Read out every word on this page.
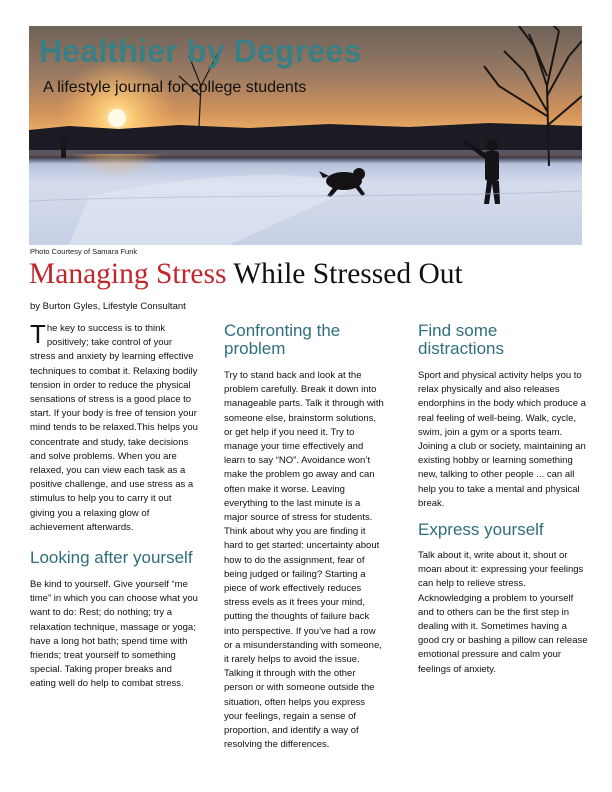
Healthier by Degrees

A lifestyle journal for college students

Photo Courtesy of Samara Funk
Managing Stress While Stressed Out
by Burton Gyles, Lifestyle Consultant

The key to success is to think positively; take control of your stress and anxiety by learning effective techniques to combat it. Relaxing bodily tension in order to reduce the physical sensations of stress is a good place to start. If your body is free of tension your mind tends to be relaxed.This helps you concentrate and study, take decisions and solve problems. When you are relaxed, you can view each task as a positive challenge, and use stress as a stimulus to help you to carry it out giving you a relaxing glow of achievement afterwards.

Looking after yourself

Be kind to yourself. Give yourself “me time” in which you can choose what you want to do: Rest; do nothing; try a relaxation technique, massage or yoga; have a long hot bath; spend time with friends; treat yourself to something special. Taking proper breaks and eating well do help to combat stress.

Confronting the problem

Try to stand back and look at the problem carefully. Break it down into manageable parts. Talk it through with someone else, brainstorm solutions, or get help if you need it. Try to manage your time effectively and learn to say “NO”. Avoidance won’t make the problem go away and can often make it worse. Leaving everything to the last minute is a major source of stress for students. Think about why you are finding it hard to get started: uncertainty about how to do the assignment, fear of being judged or failing? Starting a piece of work effectively reduces stress evels as it frees your mind, putting the thoughts of failure back into perspective. If you’ve had a row or a misunderstanding with someone, it rarely helps to avoid the issue. Talking it through with the other person or with someone outside the situation, often helps you express your feelings, regain a sense of proportion, and identify a way of resolving the differences.

Find some distractions

Sport and physical activity helps you to relax physically and also releases endorphins in the body which produce a real feeling of well-being. Walk, cycle, swim, join a gym or a sports team. Joining a club or society, maintaining an existing hobby or learning something new, talking to other people ... can all help you to take a mental and physical break.

Express yourself

Talk about it, write about it, shout or moan about it: expressing your feelings can help to relieve stress. Acknowledging a problem to yourself and to others can be the first step in dealing with it. Sometimes having a good cry or bashing a pillow can release emotional pressure and calm your feelings of anxiety.
